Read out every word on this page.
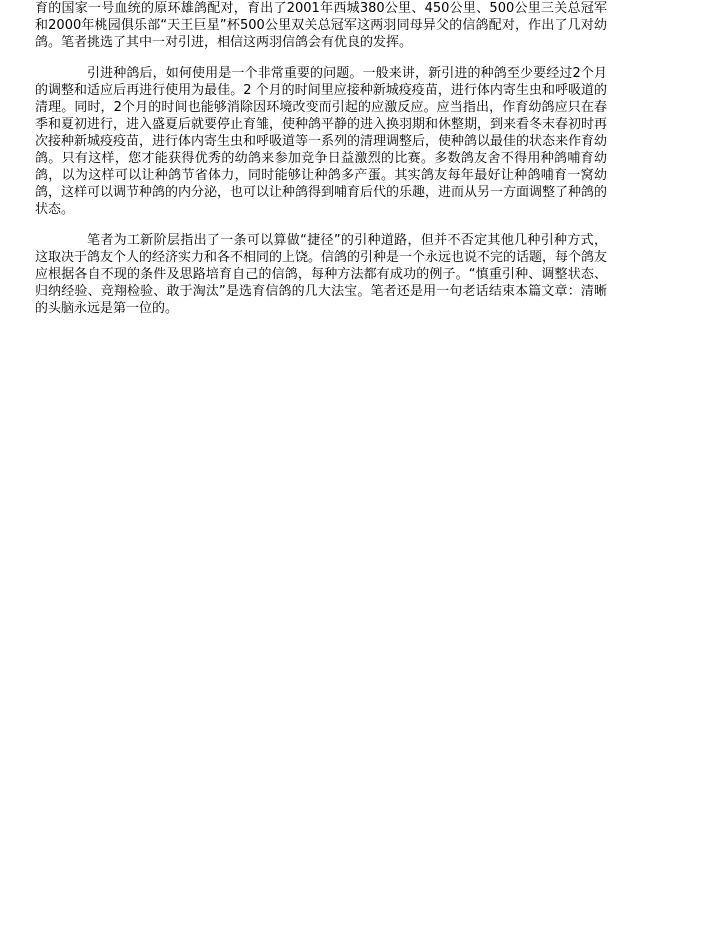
育的国家一号血统的原环雄鸽配对，育出了2001年西城380公里、450公里、500公里三关总冠军和2000年桃园俱乐部“天王巨星”杯500公里双关总冠军这两羽同母异父的信鸽配对，作出了几对幼鸽。笔者挑选了其中一对引进，相信这两羽信鸽会有优良的发挥。

引进种鸽后，如何使用是一个非常重要的问题。一般来讲，新引进的种鸽至少要经过2个月的调整和适应后再进行使用为最佳。2 个月的时间里应接种新城疫疫苗，进行体内寄生虫和呼吸道的清理。同时，2个月的时间也能够消除因环境改变而引起的应激反应。应当指出，作育幼鸽应只在春季和夏初进行，进入盛夏后就要停止育雏，使种鸽平静的进入换羽期和休整期，到来看冬末春初时再次接种新城疫疫苗，进行体内寄生虫和呼吸道等一系列的清理调整后，使种鸽以最佳的状态来作育幼鸽。只有这样，您才能获得优秀的幼鸽来参加竞争日益激烈的比赛。多数鸽友舍不得用种鸽哺育幼鸽，以为这样可以让种鸽节省体力，同时能够让种鸽多产蛋。其实鸽友每年最好让种鸽哺育一窝幼鸽，这样可以调节种鸽的内分泌，也可以让种鸽得到哺育后代的乐趣，进而从另一方面调整了种鸽的状态。

笔者为工新阶层指出了一条可以算做“捷径”的引种道路，但并不否定其他几种引种方式，这取决于鸽友个人的经济实力和各不相同的上饶。信鸽的引种是一个永远也说不完的话题，每个鸽友应根据各自不现的条件及思路培育自己的信鸽，每种方法都有成功的例子。“慎重引种、调整状态、归纳经验、竞翔检验、敢于淘汰”是选育信鸽的几大法宝。笔者还是用一句老话结束本篇文章：清晰的头脑永远是第一位的。
